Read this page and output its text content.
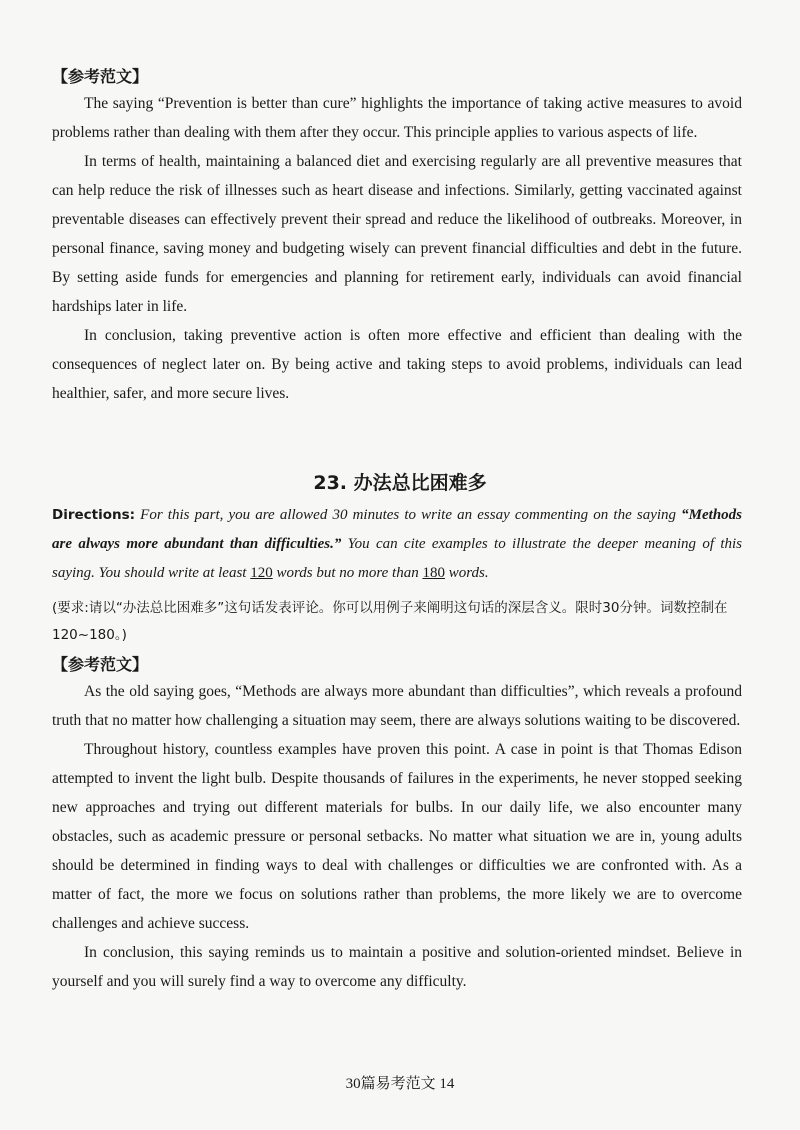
【参考范文】

The saying “Prevention is better than cure” highlights the importance of taking active measures to avoid problems rather than dealing with them after they occur. This principle applies to various aspects of life.

In terms of health, maintaining a balanced diet and exercising regularly are all preventive measures that can help reduce the risk of illnesses such as heart disease and infections. Similarly, getting vaccinated against preventable diseases can effectively prevent their spread and reduce the likelihood of outbreaks. Moreover, in personal finance, saving money and budgeting wisely can prevent financial difficulties and debt in the future. By setting aside funds for emergencies and planning for retirement early, individuals can avoid financial hardships later in life.

In conclusion, taking preventive action is often more effective and efficient than dealing with the consequences of neglect later on. By being active and taking steps to avoid problems, individuals can lead healthier, safer, and more secure lives.

23. 办法总比困难多
Directions: For this part, you are allowed 30 minutes to write an essay commenting on the saying “Methods are always more abundant than difficulties.” You can cite examples to illustrate the deeper meaning of this saying. You should write at least 120 words but no more than 180 words.
(要求:请以“办法总比困难多”这句话发表评论。你可以用例子来阐明这句话的深层含义。限时30分钟。词数控制在120~180。)
【参考范文】

As the old saying goes, “Methods are always more abundant than difficulties”, which reveals a profound truth that no matter how challenging a situation may seem, there are always solutions waiting to be discovered.

Throughout history, countless examples have proven this point. A case in point is that Thomas Edison attempted to invent the light bulb. Despite thousands of failures in the experiments, he never stopped seeking new approaches and trying out different materials for bulbs. In our daily life, we also encounter many obstacles, such as academic pressure or personal setbacks. No matter what situation we are in, young adults should be determined in finding ways to deal with challenges or difficulties we are confronted with. As a matter of fact, the more we focus on solutions rather than problems, the more likely we are to overcome challenges and achieve success.

In conclusion, this saying reminds us to maintain a positive and solution-oriented mindset. Believe in yourself and you will surely find a way to overcome any difficulty.

30篇易考范文 14
